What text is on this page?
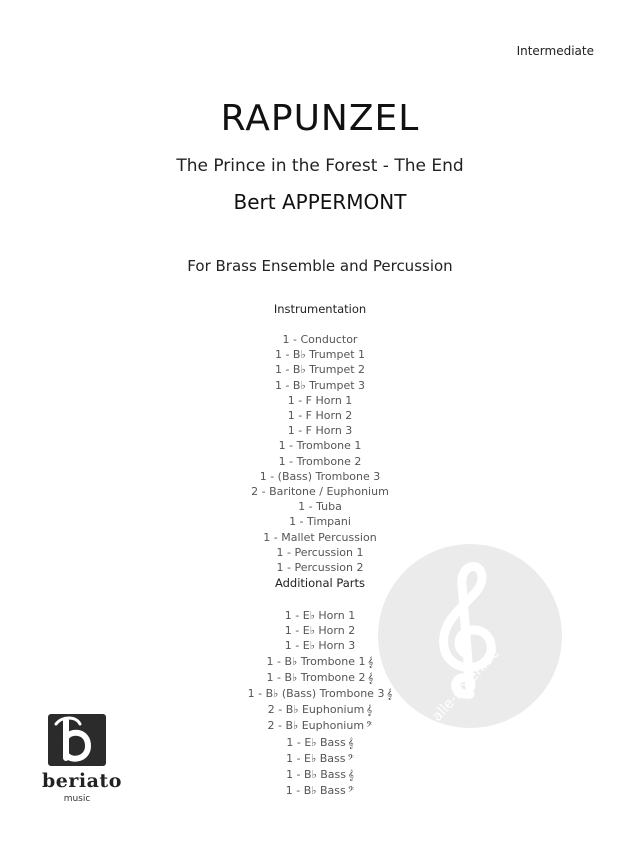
Intermediate
alle-noten.de
RAPUNZEL
The Prince in the Forest - The End
Bert APPERMONT
For Brass Ensemble and Percussion
Instrumentation
1 - Conductor
1 - B♭ Trumpet 1
1 - B♭ Trumpet 2
1 - B♭ Trumpet 3
1 - F Horn 1
1 - F Horn 2
1 - F Horn 3
1 - Trombone 1
1 - Trombone 2
1 - (Bass) Trombone 3
2 - Baritone / Euphonium
1 - Tuba
1 - Timpani
1 - Mallet Percussion
1 - Percussion 1
1 - Percussion 2
Additional Parts
1 - E♭ Horn 1
1 - E♭ Horn 2
1 - E♭ Horn 3
1 - B♭ Trombone 1 𝄞
1 - B♭ Trombone 2 𝄞
1 - B♭ (Bass) Trombone 3 𝄞
2 - B♭ Euphonium 𝄞
2 - B♭ Euphonium 𝄢
1 - E♭ Bass 𝄞
1 - E♭ Bass 𝄢
1 - B♭ Bass 𝄞
1 - B♭ Bass 𝄢
beriato
music
